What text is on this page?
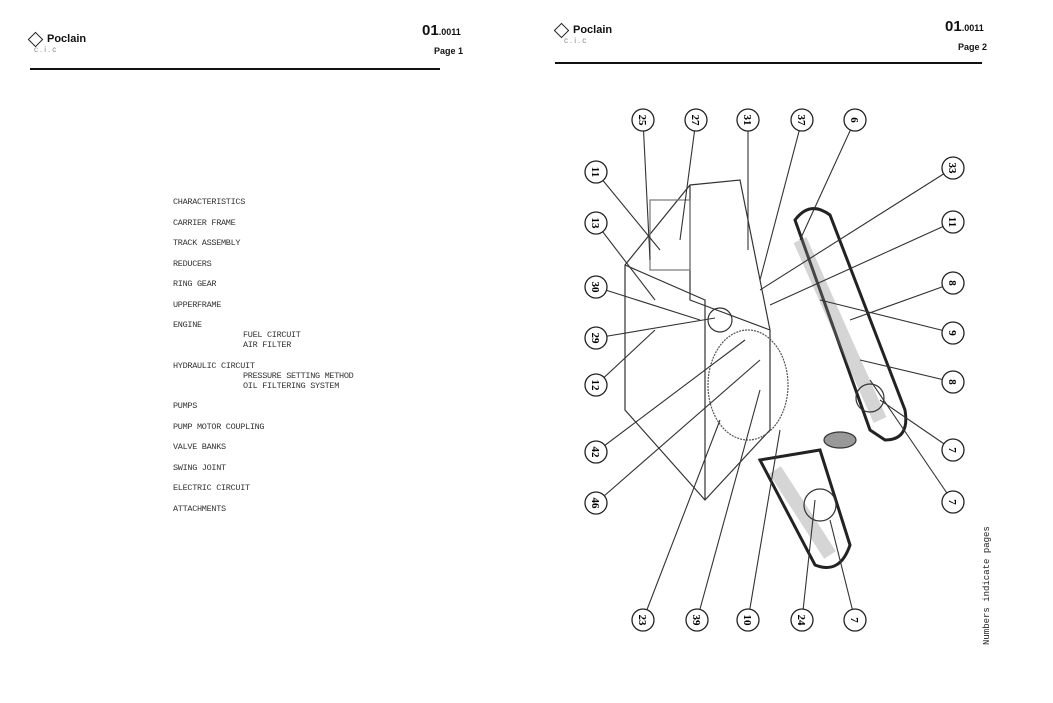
Poclain
c.i.c
01.0011
Page 1
Poclain
c.i.c
01.0011
Page 2
CHARACTERISTICS
CARRIER FRAME
TRACK ASSEMBLY
REDUCERS
RING GEAR
UPPERFRAME
ENGINE
FUEL CIRCUIT
AIR FILTER
HYDRAULIC CIRCUIT
PRESSURE SETTING METHOD
OIL FILTERING SYSTEM
PUMPS
PUMP MOTOR COUPLING
VALVE BANKS
SWING JOINT
ELECTRIC CIRCUIT
ATTACHMENTS
25	27	31	37	6
11
13
30
29
12
42
46
33
11
8
9
8
7
7
23	39	10	24	7	Numbers indicate pages
